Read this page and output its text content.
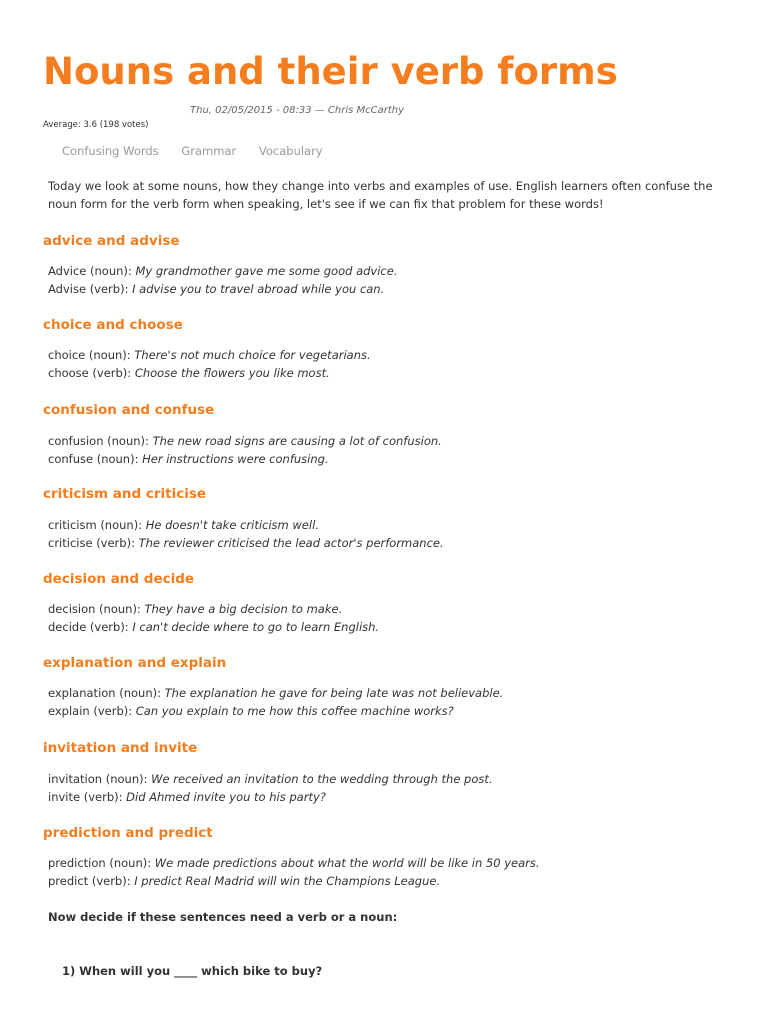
Nouns and their verb forms
Thu, 02/05/2015 - 08:33 — Chris McCarthy
Average: 3.6 (198 votes)
Confusing Words Grammar Vocabulary

Today we look at some nouns, how they change into verbs and examples of use. English learners often confuse the noun form for the verb form when speaking, let's see if we can fix that problem for these words!

advice and advise
Advice (noun): My grandmother gave me some good advice.
Advise (verb): I advise you to travel abroad while you can.
choice and choose
choice (noun): There's not much choice for vegetarians.
choose (verb): Choose the flowers you like most.
confusion and confuse
confusion (noun): The new road signs are causing a lot of confusion.
confuse (noun): Her instructions were confusing.
criticism and criticise
criticism (noun): He doesn't take criticism well.
criticise (verb): The reviewer criticised the lead actor's performance.
decision and decide
decision (noun): They have a big decision to make.
decide (verb): I can't decide where to go to learn English.
explanation and explain
explanation (noun): The explanation he gave for being late was not believable.
explain (verb): Can you explain to me how this coffee machine works?
invitation and invite
invitation (noun): We received an invitation to the wedding through the post.
invite (verb): Did Ahmed invite you to his party?
prediction and predict
prediction (noun): We made predictions about what the world will be like in 50 years.
predict (verb): I predict Real Madrid will win the Champions League.
Now decide if these sentences need a verb or a noun:
1) When will you ____ which bike to buy?
